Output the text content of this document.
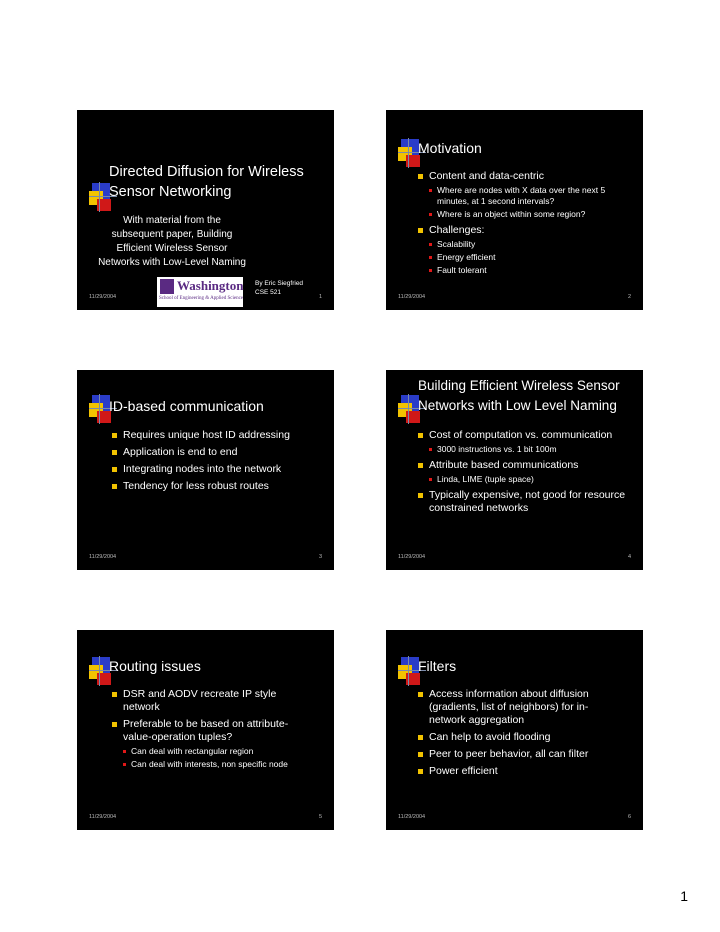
Directed Diffusion for Wireless Sensor Networking
With material from the subsequent paper, Building Efficient Wireless Sensor Networks with Low-Level Naming
Washington
School of Engineering & Applied Science
By Eric Siegfried
CSE 521
11/29/2004	1
Motivation
Content and data-centric
Where are nodes with X data over the next 5 minutes, at 1 second intervals?
Where is an object within some region?
Challenges:
Scalability
Energy efficient
Fault tolerant
11/29/2004	2
ID-based communication
Requires unique host ID addressing
Application is end to end
Integrating nodes into the network
Tendency for less robust routes
11/29/2004	3
Building Efficient Wireless Sensor Networks with Low Level Naming
Cost of computation vs. communication
3000 instructions vs. 1 bit 100m
Attribute based communications
Linda, LIME (tuple space)
Typically expensive, not good for resource constrained networks
11/29/2004	4
Routing issues
DSR and AODV recreate IP style network
Preferable to be based on attribute-value-operation tuples?
Can deal with rectangular region
Can deal with interests, non specific node
11/29/2004	5
Filters
Access information about diffusion (gradients, list of neighbors) for in-network aggregation
Can help to avoid flooding
Peer to peer behavior, all can filter
Power efficient
11/29/2004	6
1
